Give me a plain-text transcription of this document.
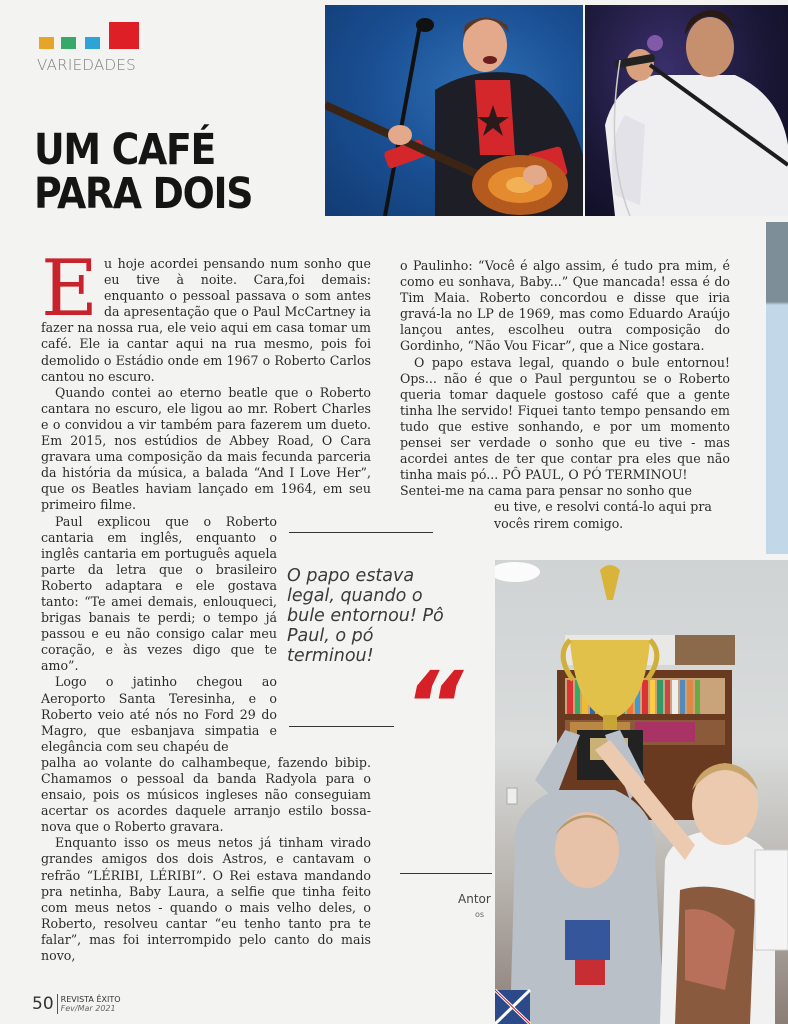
VARIEDADES
UM CAFÉ
PARA DOIS

Eu hoje acordei pensando num sonho que eu tive à noite. Cara,foi demais: enquanto o pessoal passava o som antes da apresentação que o Paul McCartney ia fazer na nossa rua, ele veio aqui em casa tomar um café. Ele ia cantar aqui na rua mesmo, pois foi demolido o Estádio onde em 1967 o Roberto Carlos cantou no escuro.

Quando contei ao eterno beatle que o Roberto cantara no escuro, ele ligou ao mr. Robert Charles e o convidou a vir também para fazerem um dueto. Em 2015, nos estúdios de Abbey Road, O Cara gravara uma composição da mais fecunda parceria da história da música, a balada “And I Love Her”, que os Beatles haviam lançado em 1964, em seu primeiro filme.

Paul explicou que o Roberto cantaria em inglês, enquanto o inglês cantaria em português aquela parte da letra que o brasileiro Roberto adaptara e ele gostava tanto: “Te amei demais, enlouqueci, brigas banais te perdi; o tempo já passou e eu não consigo calar meu coração, e às vezes digo que te amo”.

Logo o jatinho chegou ao Aeroporto Santa Teresinha, e o Roberto veio até nós no Ford 29 do Magro, que esbanjava simpatia e elegância com seu chapéu de

palha ao volante do calhambeque, fazendo bibip. Chamamos o pessoal da banda Radyola para o ensaio, pois os músicos ingleses não conseguiam acertar os acordes daquele arranjo estilo bossa-nova que o Roberto gravara.

Enquanto isso os meus netos já tinham virado grandes amigos dos dois Astros, e cantavam o refrão “LÉRIBI, LÉRIBI”. O Rei estava mandando pra netinha, Baby Laura, a selfie que tinha feito com meus netos - quando o mais velho deles, o Roberto, resolveu cantar “eu tenho tanto pra te falar”, mas foi interrompido pelo canto do mais novo,

o Paulinho: “Você é algo assim, é tudo pra mim, é como eu sonhava, Baby...” Que mancada! essa é do Tim Maia. Roberto concordou e disse que iria gravá-la no LP de 1969, mas como Eduardo Araújo lançou antes, escolheu outra composição do Gordinho, “Não Vou Ficar”, que a Nice gostara.

O papo estava legal, quando o bule entornou! Ops... não é que o Paul perguntou se o Roberto queria tomar daquele gostoso café que a gente tinha lhe servido! Fiquei tanto tempo pensando em tudo que estive sonhando, e por um momento pensei ser verdade o sonho que eu tive - mas acordei antes de ter que contar pra eles que não tinha mais pó... PÔ PAUL, O PÓ TERMINOU!

Sentei-me na cama para pensar no sonho que

eu tive, e resolvi contá-lo aqui pra vocês rirem comigo.

O papo estava legal, quando o bule entornou! Pô Paul, o pó terminou! “
Antor
os
50 REVISTA ÊXITO
Fev/Mar 2021
